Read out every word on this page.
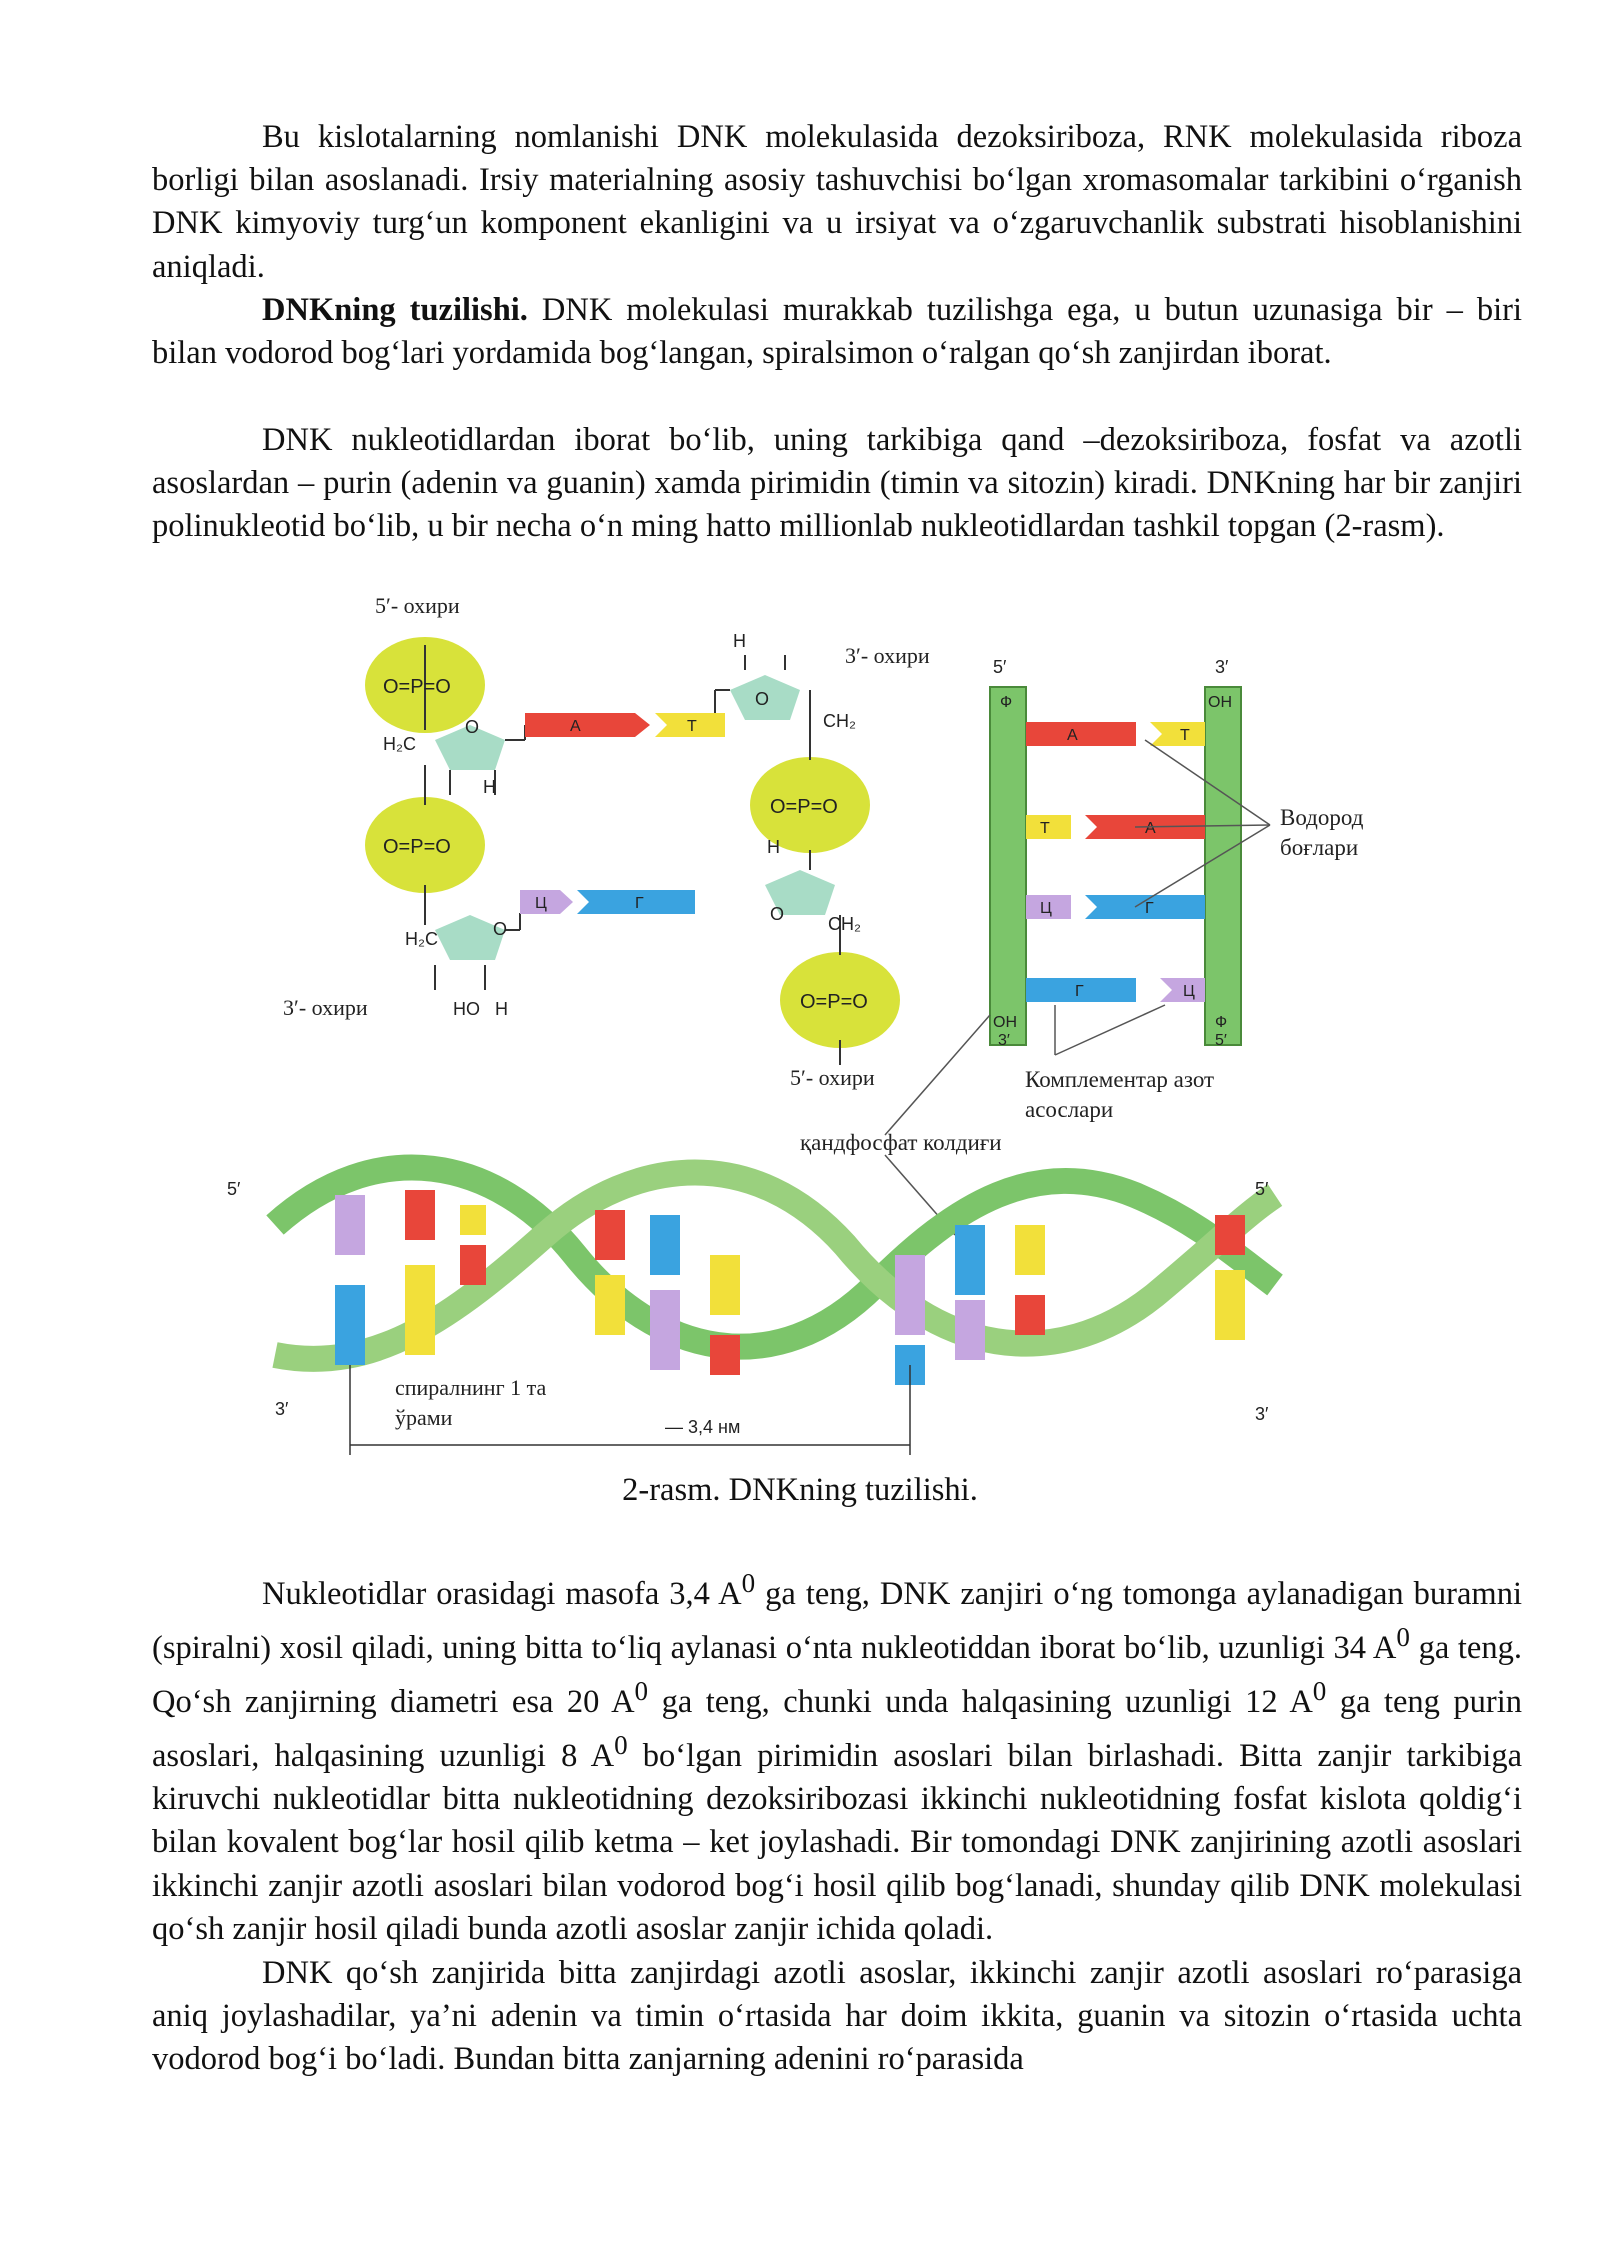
Bu kislotalarning nomlanishi DNK molekulasida dezoksiriboza, RNK molekulasida riboza borligi bilan asoslanadi. Irsiy materialning asosiy tashuvchisi bo‘lgan xromasomalar tarkibini o‘rganish DNK kimyoviy turg‘un komponent ekanligini va u irsiyat va o‘zgaruvchanlik substrati hisoblanishini aniqladi.

DNKning tuzilishi. DNK molekulasi murakkab tuzilishga ega, u butun uzunasiga bir – biri bilan vodorod bog‘lari yordamida bog‘langan, spiralsimon o‘ralgan qo‘sh zanjirdan iborat.

DNK nukleotidlardan iborat bo‘lib, uning tarkibiga qand –dezoksiriboza, fosfat va azotli asoslardan – purin (adenin va guanin) xamda pirimidin (timin va sitozin) kiradi. DNKning har bir zanjiri polinukleotid bo‘lib, u bir necha o‘n ming hatto millionlab nukleotidlardan tashkil topgan (2-rasm).

5′- охири
3′- охири
3′- охири
5′- охири
O=P=O
O=P=O
O=P=O
O=P=O
H₂C
H₂C
CH₂
CH₂
HO H
H
H
H
O
O
O
O
А	Т
Ц	Г
5′	3′
Ф	ОН
ОН
3′
Ф
5′
А	Т
Т	А
Ц	Г
Г	Ц
Водород
боғлари
Комплементар азот
асослари
қандфосфат колдиғи
5′	5′
3′	3′
спиралнинг 1 та
ўрами	— 3,4 нм
2-rasm. DNKning tuzilishi.

Nukleotidlar orasidagi masofa 3,4 $A^0$ ga teng, DNK zanjiri o‘ng tomonga aylanadigan buramni (spiralni) xosil qiladi, uning bitta to‘liq aylanasi o‘nta nukleotiddan iborat bo‘lib, uzunligi 34 $A^0$ ga teng. Qo‘sh zanjirning diametri esa 20 $A^0$ ga teng, chunki unda halqasining uzunligi 12 $A^0$ ga teng purin asoslari, halqasining uzunligi 8 $A^0$ bo‘lgan pirimidin asoslari bilan birlashadi. Bitta zanjir tarkibiga kiruvchi nukleotidlar bitta nukleotidning dezoksiribozasi ikkinchi nukleotidning fosfat kislota qoldig‘i bilan kovalent bog‘lar hosil qilib ketma – ket joylashadi. Bir tomondagi DNK zanjirining azotli asoslari ikkinchi zanjir azotli asoslari bilan vodorod bog‘i hosil qilib bog‘lanadi, shunday qilib DNK molekulasi qo‘sh zanjir hosil qiladi bunda azotli asoslar zanjir ichida qoladi.

DNK qo‘sh zanjirida bitta zanjirdagi azotli asoslar, ikkinchi zanjir azotli asoslari ro‘parasiga aniq joylashadilar, ya’ni adenin va timin o‘rtasida har doim ikkita, guanin va sitozin o‘rtasida uchta vodorod bog‘i bo‘ladi. Bundan bitta zanjarning adenini ro‘parasida
